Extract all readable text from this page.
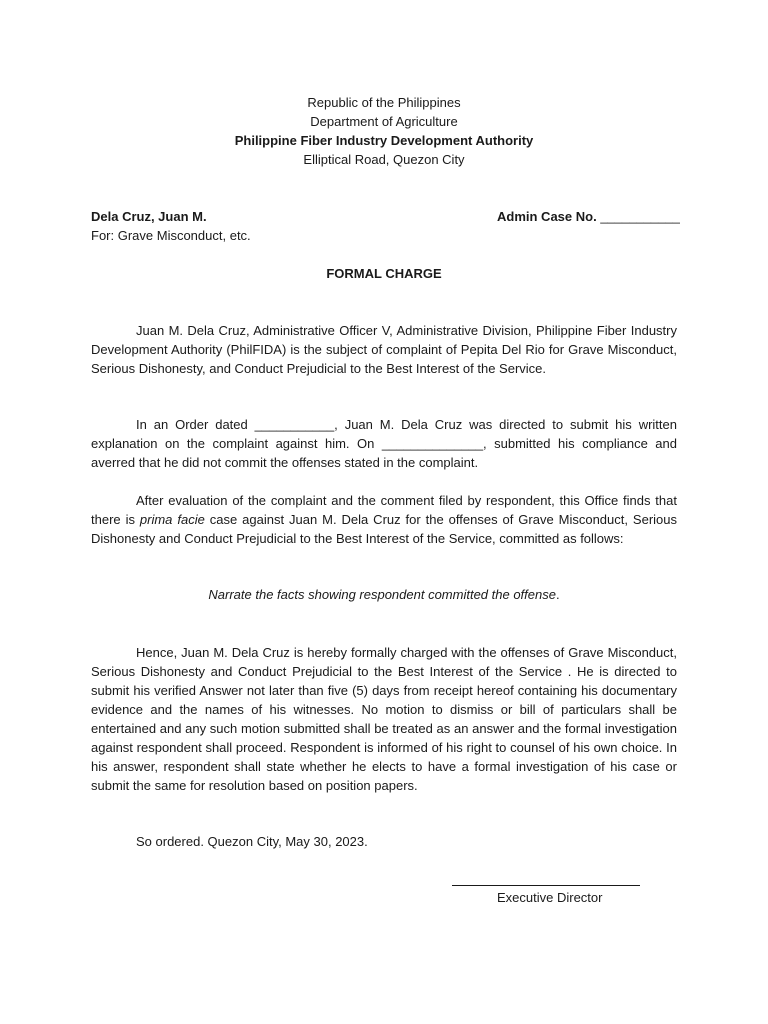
Republic of the Philippines
Department of Agriculture
Philippine Fiber Industry Development Authority
Elliptical Road, Quezon City
Dela Cruz, Juan M.
For: Grave Misconduct, etc.
Admin Case No. ___________
FORMAL CHARGE

Juan M. Dela Cruz, Administrative Officer V, Administrative Division, Philippine Fiber Industry Development Authority (PhilFIDA) is the subject of complaint of Pepita Del Rio for Grave Misconduct, Serious Dishonesty, and Conduct Prejudicial to the Best Interest of the Service.

In an Order dated ___________, Juan M. Dela Cruz was directed to submit his written explanation on the complaint against him. On ______________, submitted his compliance and averred that he did not commit the offenses stated in the complaint.

After evaluation of the complaint and the comment filed by respondent, this Office finds that there is prima facie case against Juan M. Dela Cruz for the offenses of Grave Misconduct, Serious Dishonesty and Conduct Prejudicial to the Best Interest of the Service, committed as follows:

Narrate the facts showing respondent committed the offense.

Hence, Juan M. Dela Cruz is hereby formally charged with the offenses of Grave Misconduct, Serious Dishonesty and Conduct Prejudicial to the Best Interest of the Service . He is directed to submit his verified Answer not later than five (5) days from receipt hereof containing his documentary evidence and the names of his witnesses. No motion to dismiss or bill of particulars shall be entertained and any such motion submitted shall be treated as an answer and the formal investigation against respondent shall proceed. Respondent is informed of his right to counsel of his own choice. In his answer, respondent shall state whether he elects to have a formal investigation of his case or submit the same for resolution based on position papers.

So ordered. Quezon City, May 30, 2023.

Executive Director
